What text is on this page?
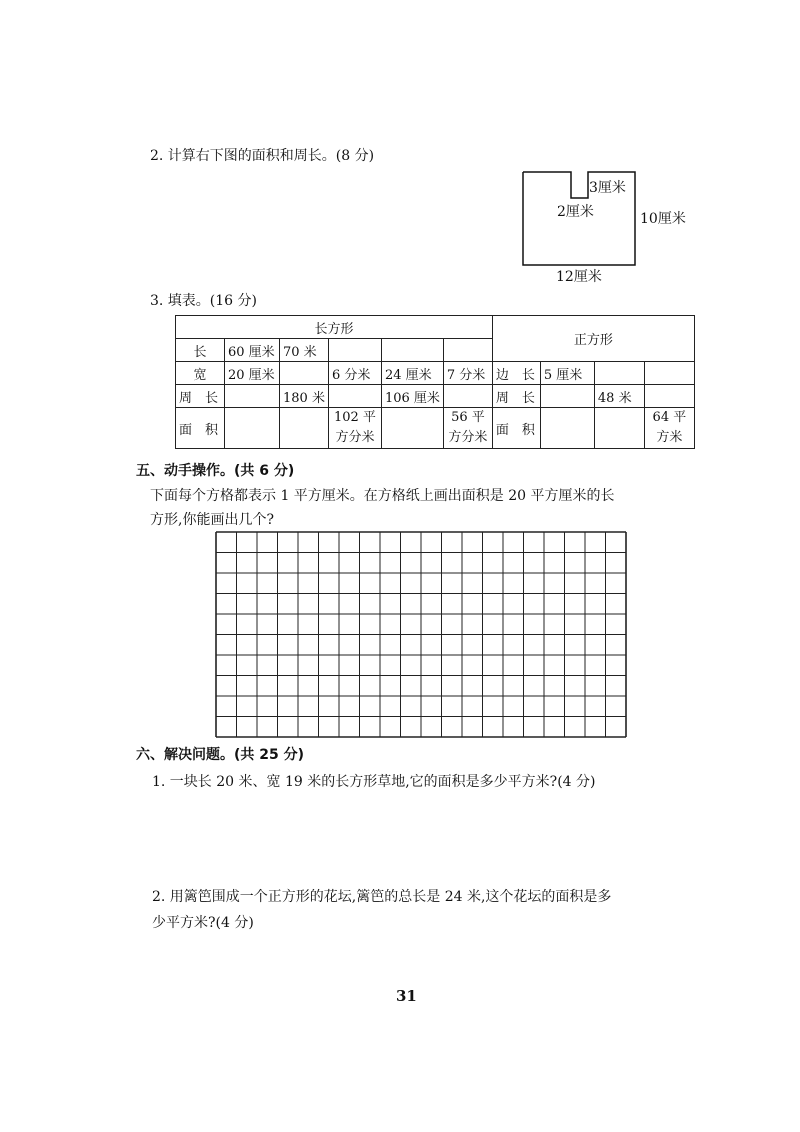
2. 计算右下图的面积和周长。(8 分)
3厘米
2厘米	10厘米
12厘米
3. 填表。(16 分)
长方形						正方形			
长	60 厘米	70 米							
宽	20 厘米		6 分米	24 厘米	7 分米	边　长	5 厘米		
周　长		180 米		106 厘米		周　长		48 米	
面　积			102 平方分米		56 平方分米	面　积			64 平方米
五、动手操作。(共 6 分)
下面每个方格都表示 1 平方厘米。在方格纸上画出面积是 20 平方厘米的长
方形,你能画出几个?
六、解决问题。(共 25 分)
1. 一块长 20 米、宽 19 米的长方形草地,它的面积是多少平方米?(4 分)
2. 用篱笆围成一个正方形的花坛,篱笆的总长是 24 米,这个花坛的面积是多
少平方米?(4 分)
31
